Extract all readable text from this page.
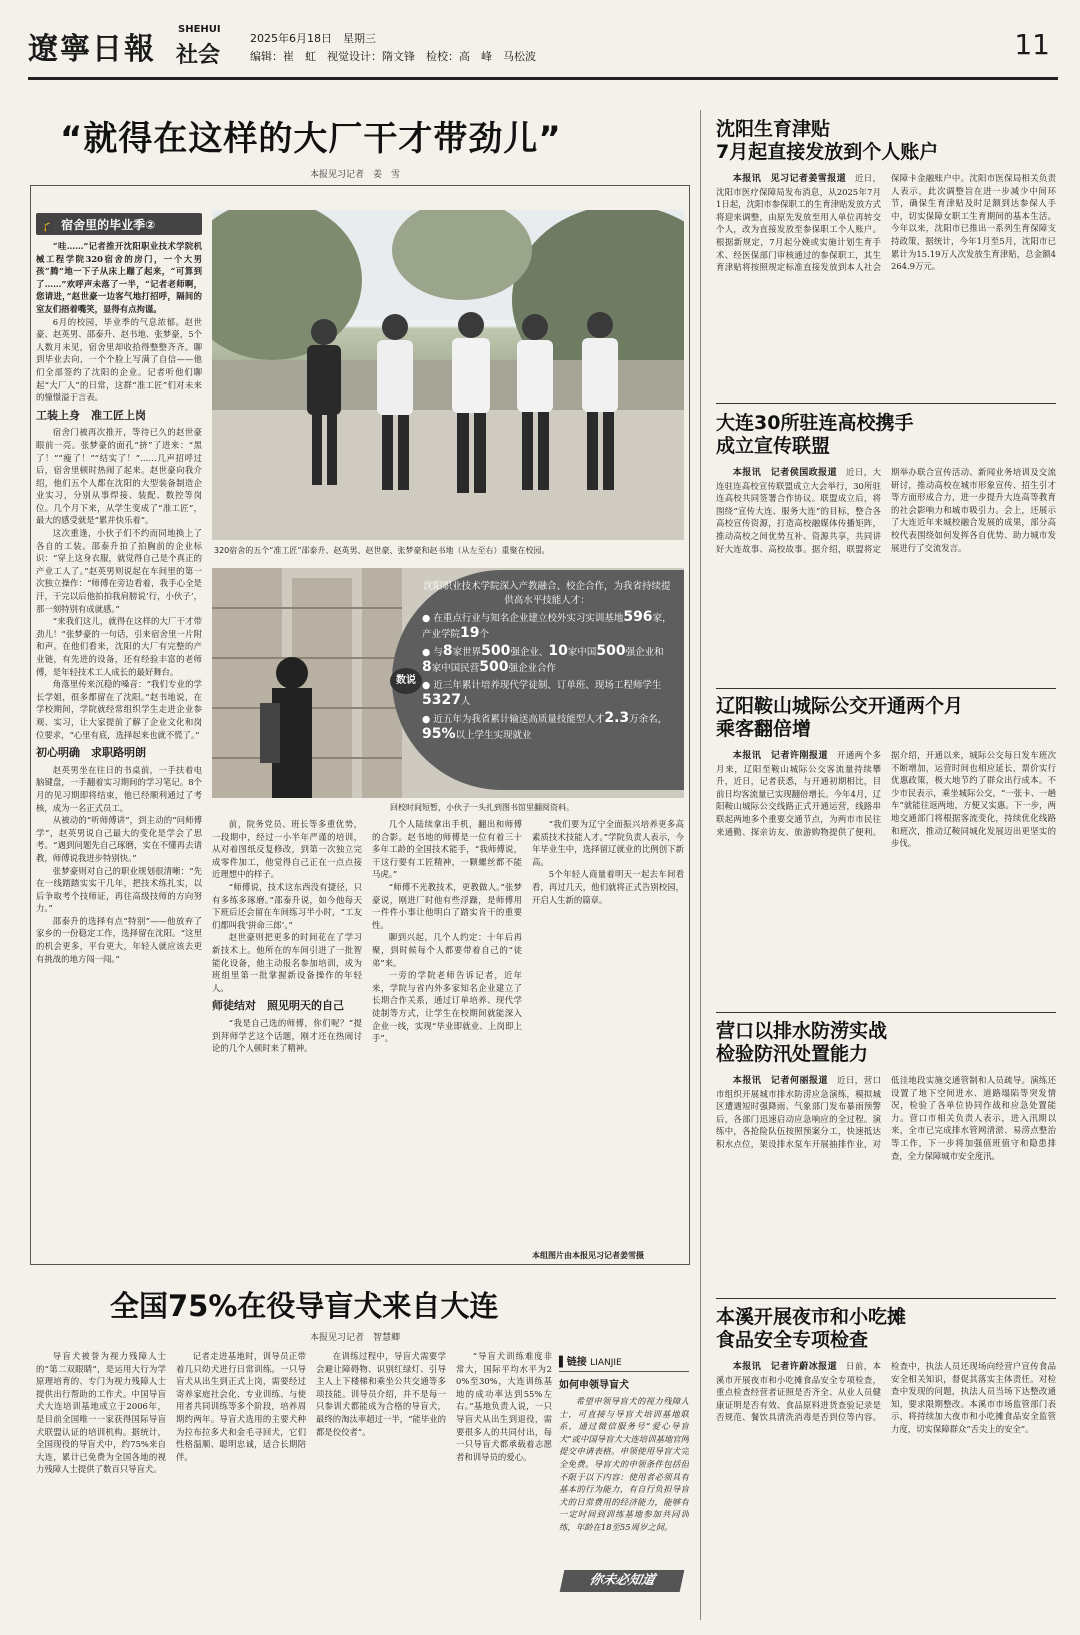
遼寧日報
SHEHUI
社会
2025年6月18日　星期三
编辑：崔　虹　视觉设计：隋文锋　检校：高　峰　马松波	11
“就得在这样的大厂干才带劲儿”
本报见习记者　姜　雪
🎓 宿舍里的毕业季②

“哇……”记者推开沈阳职业技术学院机械工程学院320宿舍的房门，一个大男孩“腾”地一下子从床上蹦了起来，“可算到了……”欢呼声未落了一半，“记者老师啊，您请进，”赵世豪一边客气地打招呼，隔间的室友们捂着嘴笑，显得有点拘谨。

6月的校园，毕业季的气息浓郁。赵世豪、赵英男、邵泰升、赵书地、张梦豪，5个人数月未见，宿舍里却收拾得整整齐齐。聊到毕业去向，一个个脸上写满了自信——他们全部签约了沈阳的企业。记者听他们聊起“大厂人”的日常，这群“准工匠”们对未来的憧憬溢于言表。

工装上身　准工匠上岗

宿舍门被再次推开，等待已久的赵世豪眼前一亮。张梦豪的面孔“挤”了进来：“黑了！”“瘦了！”“结实了！”……几声招呼过后，宿舍里顿时热闹了起来。赵世豪向我介绍，他们五个人都在沈阳的大型装备制造企业实习，分别从事焊接、装配、数控等岗位。几个月下来，从学生变成了“准工匠”，最大的感受就是“累并快乐着”。

这次重逢，小伙子们不约而同地换上了各自的工装。邵泰升拍了拍胸前的企业标识：“穿上这身衣服，就觉得自己是个真正的产业工人了。”赵英男则说起在车间里的第一次独立操作：“师傅在旁边看着，我手心全是汗，干完以后他拍拍我肩膀说‘行，小伙子’，那一刻特别有成就感。”

“来我们这儿，就得在这样的大厂干才带劲儿！”张梦豪的一句话，引来宿舍里一片附和声。在他们看来，沈阳的大厂有完整的产业链，有先进的设备，还有经验丰富的老师傅，是年轻技术工人成长的最好舞台。

角落里传来沉稳的嗓音：“我们专业的学长学姐，很多都留在了沈阳。”赵书地说，在学校期间，学院就经常组织学生走进企业参观、实习，让大家提前了解了企业文化和岗位要求，“心里有底，选择起来也就不慌了。”

初心明确　求职路明朗

赵英男坐在往日的书桌前，一手扶着电脑键盘，一手翻着实习期间的学习笔记。8个月的见习期即将结束，他已经顺利通过了考核，成为一名正式员工。

从被动的“听师傅讲”，到主动的“问师傅学”，赵英男说自己最大的变化是学会了思考。“遇到问题先自己琢磨，实在不懂再去请教，师傅说我进步特别快。”

张梦豪则对自己的职业规划很清晰：“先在一线踏踏实实干几年，把技术练扎实，以后争取考个技师证，再往高级技师的方向努力。”

邵泰升的选择有点“特别”——他放弃了家乡的一份稳定工作，选择留在沈阳。“这里的机会更多，平台更大，年轻人就应该去更有挑战的地方闯一闯。”

320宿舍的五个“准工匠”邵泰升、赵英男、赵世豪、张梦豪和赵书地（从左至右）重聚在校园。
数说
沈阳职业技术学院深入产教融合、校企合作，为我省持续提供高水平技能人才：
● 在重点行业与知名企业建立校外实习实训基地596家，产业学院19个
● 与8家世界500强企业、10家中国500强企业和8家中国民营500强企业合作
● 近三年累计培养现代学徒制、订单班、现场工程师学生5327人
● 近五年为我省累计输送高质量技能型人才2.3万余名，95%以上学生实现就业
回校时间短暂，小伙子一头扎到图书馆里翻阅资料。

前，院务党员、班长等多重优势，一段期中，经过一小半年严谨的培训，从对着图纸反复修改，到第一次独立完成零件加工，他觉得自己正在一点点接近理想中的样子。

“师傅说，技术这东西没有捷径，只有多练多琢磨。”邵泰升说，如今他每天下班后还会留在车间练习半小时，“工友们都叫我‘拼命三郎’。”

赵世豪则把更多的时间花在了学习新技术上。他所在的车间引进了一批智能化设备，他主动报名参加培训，成为班组里第一批掌握新设备操作的年轻人。

师徒结对　照见明天的自己

“我是自己选的师傅，你们呢？”提到拜师学艺这个话题，刚才还在热闹讨论的几个人顿时来了精神。

几个人陆续拿出手机，翻出和师傅的合影。赵书地的师傅是一位有着三十多年工龄的全国技术能手，“我师傅说，干这行要有工匠精神，一颗螺丝都不能马虎。”

“师傅不光教技术，更教做人。”张梦豪说，刚进厂时他有些浮躁，是师傅用一件件小事让他明白了踏实肯干的重要性。

聊到兴起，几个人约定：十年后再聚，到时候每个人都要带着自己的“徒弟”来。

一旁的学院老师告诉记者，近年来，学院与省内外多家知名企业建立了长期合作关系，通过订单培养、现代学徒制等方式，让学生在校期间就能深入企业一线，实现“毕业即就业、上岗即上手”。

“我们要为辽宁全面振兴培养更多高素质技术技能人才。”学院负责人表示，今年毕业生中，选择留辽就业的比例创下新高。

5个年轻人商量着明天一起去车间看看，再过几天，他们就将正式告别校园，开启人生新的篇章。

本组图片由本报见习记者姜雪摄
全国75%在役导盲犬来自大连
本报见习记者　智慧卿

导盲犬被誉为视力残障人士的“第二双眼睛”，是运用大行为学原理培育的、专门为视力残障人士提供出行帮助的工作犬。中国导盲犬大连培训基地成立于2006年，是目前全国唯一一家获得国际导盲犬联盟认证的培训机构。据统计，全国现役的导盲犬中，约75%来自大连，累计已免费为全国各地的视力残障人士提供了数百只导盲犬。

记者走进基地时，训导员正带着几只幼犬进行日常训练。一只导盲犬从出生到正式上岗，需要经过寄养家庭社会化、专业训练、与使用者共同训练等多个阶段，培养周期约两年。导盲犬选用的主要犬种为拉布拉多犬和金毛寻回犬，它们性格温顺、聪明忠诚，适合长期陪伴。

在训练过程中，导盲犬需要学会避让障碍物、识别红绿灯、引导主人上下楼梯和乘坐公共交通等多项技能。训导员介绍，并不是每一只参训犬都能成为合格的导盲犬，最终的淘汰率超过一半，“能毕业的都是佼佼者”。

“导盲犬训练难度非常大，国际平均水平为20%至30%，大连训练基地的成功率达到55%左右。”基地负责人说，一只导盲犬从出生到退役，需要很多人的共同付出，每一只导盲犬都承载着志愿者和训导员的爱心。

▌链接 LIANJIE
如何申领导盲犬

希望申领导盲犬的视力残障人士，可直接与导盲犬培训基地联系，通过微信服务号“爱心导盲犬”或中国导盲犬大连培训基地官网提交申请表格。申领使用导盲犬完全免费。导盲犬的申领条件包括但不限于以下内容：使用者必须具有基本的行为能力，有自行负担导盲犬的日常费用的经济能力，能够有一定时间到训练基地参加共同训练，年龄在18至55周岁之间。

你未必知道
沈阳生育津贴
7月起直接发放到个人账户

本报讯　见习记者姜雪报道　 近日，沈阳市医疗保障局发布消息，从2025年7月1日起，沈阳市参保职工的生育津贴发放方式将迎来调整，由原先发放至用人单位再转交个人，改为直接发放至参保职工个人账户。根据新规定，7月起分娩或实施计划生育手术、经医保部门审核通过的参保职工，其生育津贴将按照规定标准直接发放到本人社会保障卡金融账户中。沈阳市医保局相关负责人表示，此次调整旨在进一步减少中间环节，确保生育津贴及时足额到达参保人手中，切实保障女职工生育期间的基本生活。今年以来，沈阳市已推出一系列生育保障支持政策，据统计，今年1月至5月，沈阳市已累计为15.19万人次发放生育津贴，总金额4264.9万元。

大连30所驻连高校携手
成立宣传联盟

本报讯　记者侯国政报道　 近日，大连驻连高校宣传联盟成立大会举行，30所驻连高校共同签署合作协议。联盟成立后，将围绕“宣传大连、服务大连”的目标，整合各高校宣传资源，打造高校融媒体传播矩阵，推动高校之间优势互补、资源共享，共同讲好大连故事、高校故事。据介绍，联盟将定期举办联合宣传活动、新闻业务培训及交流研讨，推动高校在城市形象宣传、招生引才等方面形成合力，进一步提升大连高等教育的社会影响力和城市吸引力。会上，还展示了大连近年来城校融合发展的成果，部分高校代表围绕如何发挥各自优势、助力城市发展进行了交流发言。

辽阳鞍山城际公交开通两个月
乘客翻倍增

本报讯　记者许刚报道　 开通两个多月来，辽阳至鞍山城际公交客流量持续攀升，近日，记者获悉，与开通初期相比，目前日均客流量已实现翻倍增长。今年4月，辽阳鞍山城际公交线路正式开通运营，线路串联起两地多个重要交通节点，为两市市民往来通勤、探亲访友、旅游购物提供了便利。据介绍，开通以来，城际公交每日发车班次不断增加，运营时间也相应延长，票价实行优惠政策，极大地节约了群众出行成本。不少市民表示，乘坐城际公交，“一张卡、一趟车”就能往返两地，方便又实惠。下一步，两地交通部门将根据客流变化，持续优化线路和班次，推动辽鞍同城化发展迈出更坚实的步伐。

营口以排水防涝实战
检验防汛处置能力

本报讯　记者何丽报道　 近日，营口市组织开展城市排水防涝应急演练，模拟城区遭遇短时强降雨、气象部门发布暴雨预警后，各部门迅速启动应急响应的全过程。演练中，各抢险队伍按照预案分工，快速抵达积水点位，架设排水泵车开展抽排作业，对低洼地段实施交通管制和人员疏导。演练还设置了地下空间进水、道路塌陷等突发情况，检验了各单位协同作战和应急处置能力。营口市相关负责人表示，进入汛期以来，全市已完成排水管网清淤、易涝点整治等工作，下一步将加强值班值守和隐患排查，全力保障城市安全度汛。

本溪开展夜市和小吃摊
食品安全专项检查

本报讯　记者许蔚冰报道　 日前，本溪市开展夜市和小吃摊食品安全专项检查，重点检查经营者证照是否齐全、从业人员健康证明是否有效、食品原料进货查验记录是否规范、餐饮具清洗消毒是否到位等内容。检查中，执法人员还现场向经营户宣传食品安全相关知识，督促其落实主体责任。对检查中发现的问题，执法人员当场下达整改通知，要求限期整改。本溪市市场监管部门表示，将持续加大夜市和小吃摊食品安全监管力度，切实保障群众“舌尖上的安全”。
